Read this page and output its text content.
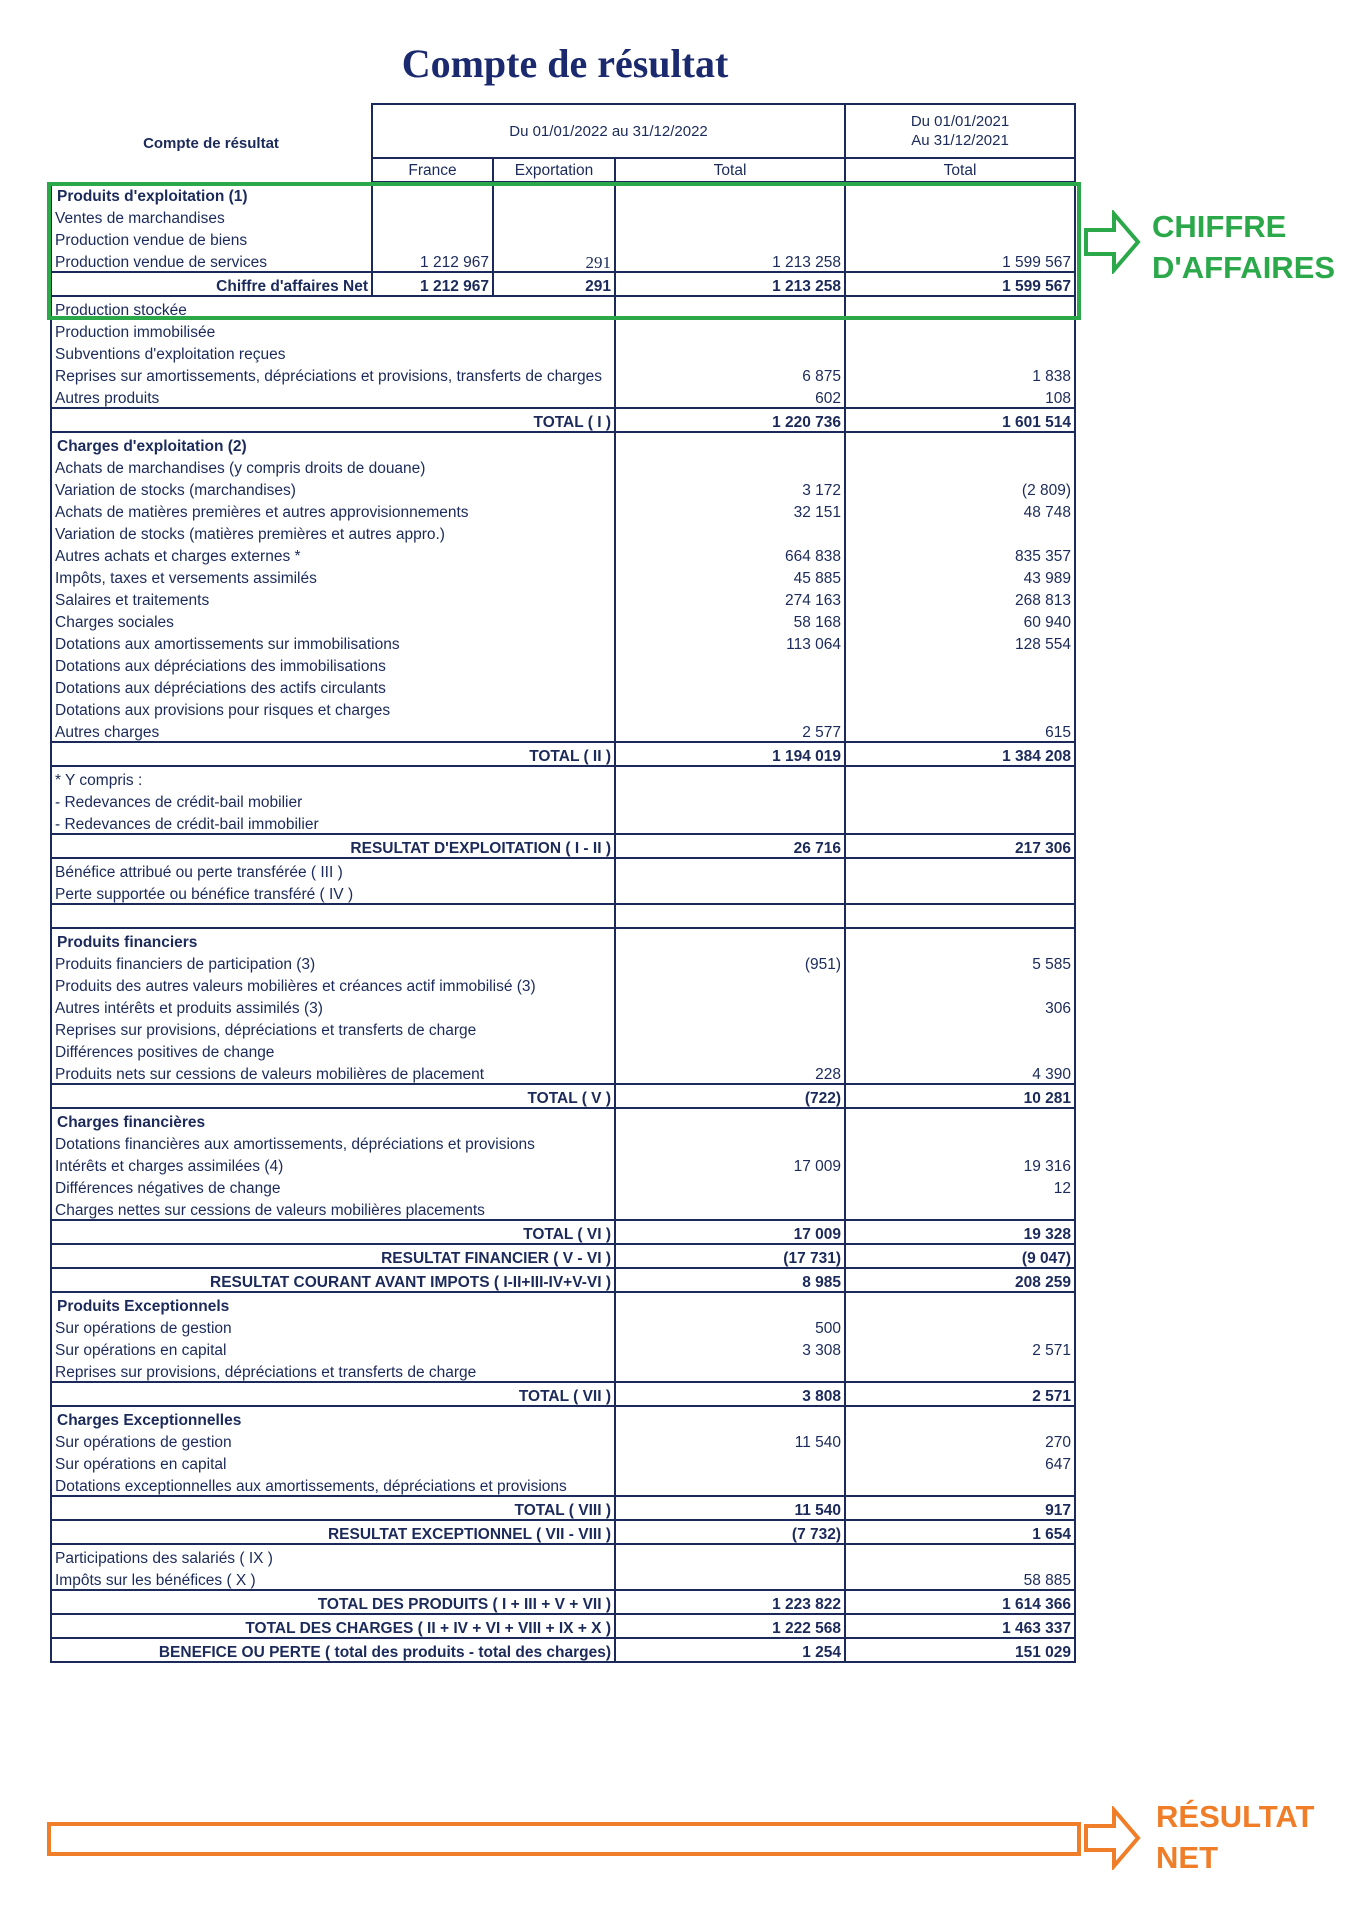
Compte de résultat
Compte de résultat	Du 01/01/2022 au 31/12/2022			Du 01/01/2021
Au 31/12/2021

	France	Exportation	Total	Total
Produits d'exploitation (1)				
Ventes de marchandises				
Production vendue de biens				
Production vendue de services	1 212 967	291	1 213 258	1 599 567
Chiffre d'affaires Net	1 212 967	291	1 213 258	1 599 567
Production stockée				
Production immobilisée				
Subventions d'exploitation reçues				
Reprises sur amortissements, dépréciations et provisions, transferts de charges			6 875	1 838
Autres produits			602	108
TOTAL ( I )			1 220 736	1 601 514
Charges d'exploitation (2)				
Achats de marchandises (y compris droits de douane)				
Variation de stocks (marchandises)			3 172	(2 809)
Achats de matières premières et autres approvisionnements			32 151	48 748
Variation de stocks (matières premières et autres appro.)				
Autres achats et charges externes *			664 838	835 357
Impôts, taxes et versements assimilés			45 885	43 989
Salaires et traitements			274 163	268 813
Charges sociales			58 168	60 940
Dotations aux amortissements sur immobilisations			113 064	128 554
Dotations aux dépréciations des immobilisations				
Dotations aux dépréciations des actifs circulants				
Dotations aux provisions pour risques et charges				
Autres charges			2 577	615
TOTAL ( II )			1 194 019	1 384 208
* Y compris :				
- Redevances de crédit-bail mobilier				
- Redevances de crédit-bail immobilier				
RESULTAT D'EXPLOITATION ( I - II )			26 716	217 306
Bénéfice attribué ou perte transférée ( III )				
Perte supportée ou bénéfice transféré ( IV )				

Produits financiers				
Produits financiers de participation (3)			(951)	5 585
Produits des autres valeurs mobilières et créances actif immobilisé (3)				
Autres intérêts et produits assimilés (3)				306
Reprises sur provisions, dépréciations et transferts de charge				
Différences positives de change				
Produits nets sur cessions de valeurs mobilières de placement			228	4 390
TOTAL ( V )			(722)	10 281
Charges financières				
Dotations financières aux amortissements, dépréciations et provisions				
Intérêts et charges assimilées (4)			17 009	19 316
Différences négatives de change				12
Charges nettes sur cessions de valeurs mobilières placements				
TOTAL ( VI )			17 009	19 328
RESULTAT FINANCIER ( V - VI )			(17 731)	(9 047)
RESULTAT COURANT AVANT IMPOTS ( I-II+III-IV+V-VI )			8 985	208 259
Produits Exceptionnels				
Sur opérations de gestion			500	
Sur opérations en capital			3 308	2 571
Reprises sur provisions, dépréciations et transferts de charge				
TOTAL ( VII )			3 808	2 571
Charges Exceptionnelles				
Sur opérations de gestion			11 540	270
Sur opérations en capital				647
Dotations exceptionnelles aux amortissements, dépréciations et provisions				
TOTAL ( VIII )			11 540	917
RESULTAT EXCEPTIONNEL ( VII - VIII )			(7 732)	1 654
Participations des salariés ( IX )				
Impôts sur les bénéfices ( X )				58 885
TOTAL DES PRODUITS ( I + III + V + VII )			1 223 822	1 614 366
TOTAL DES CHARGES ( II + IV + VI + VIII + IX + X )			1 222 568	1 463 337
BENEFICE OU PERTE ( total des produits - total des charges)			1 254	151 029
CHIFFRE
D'AFFAIRES
RÉSULTAT
NET
